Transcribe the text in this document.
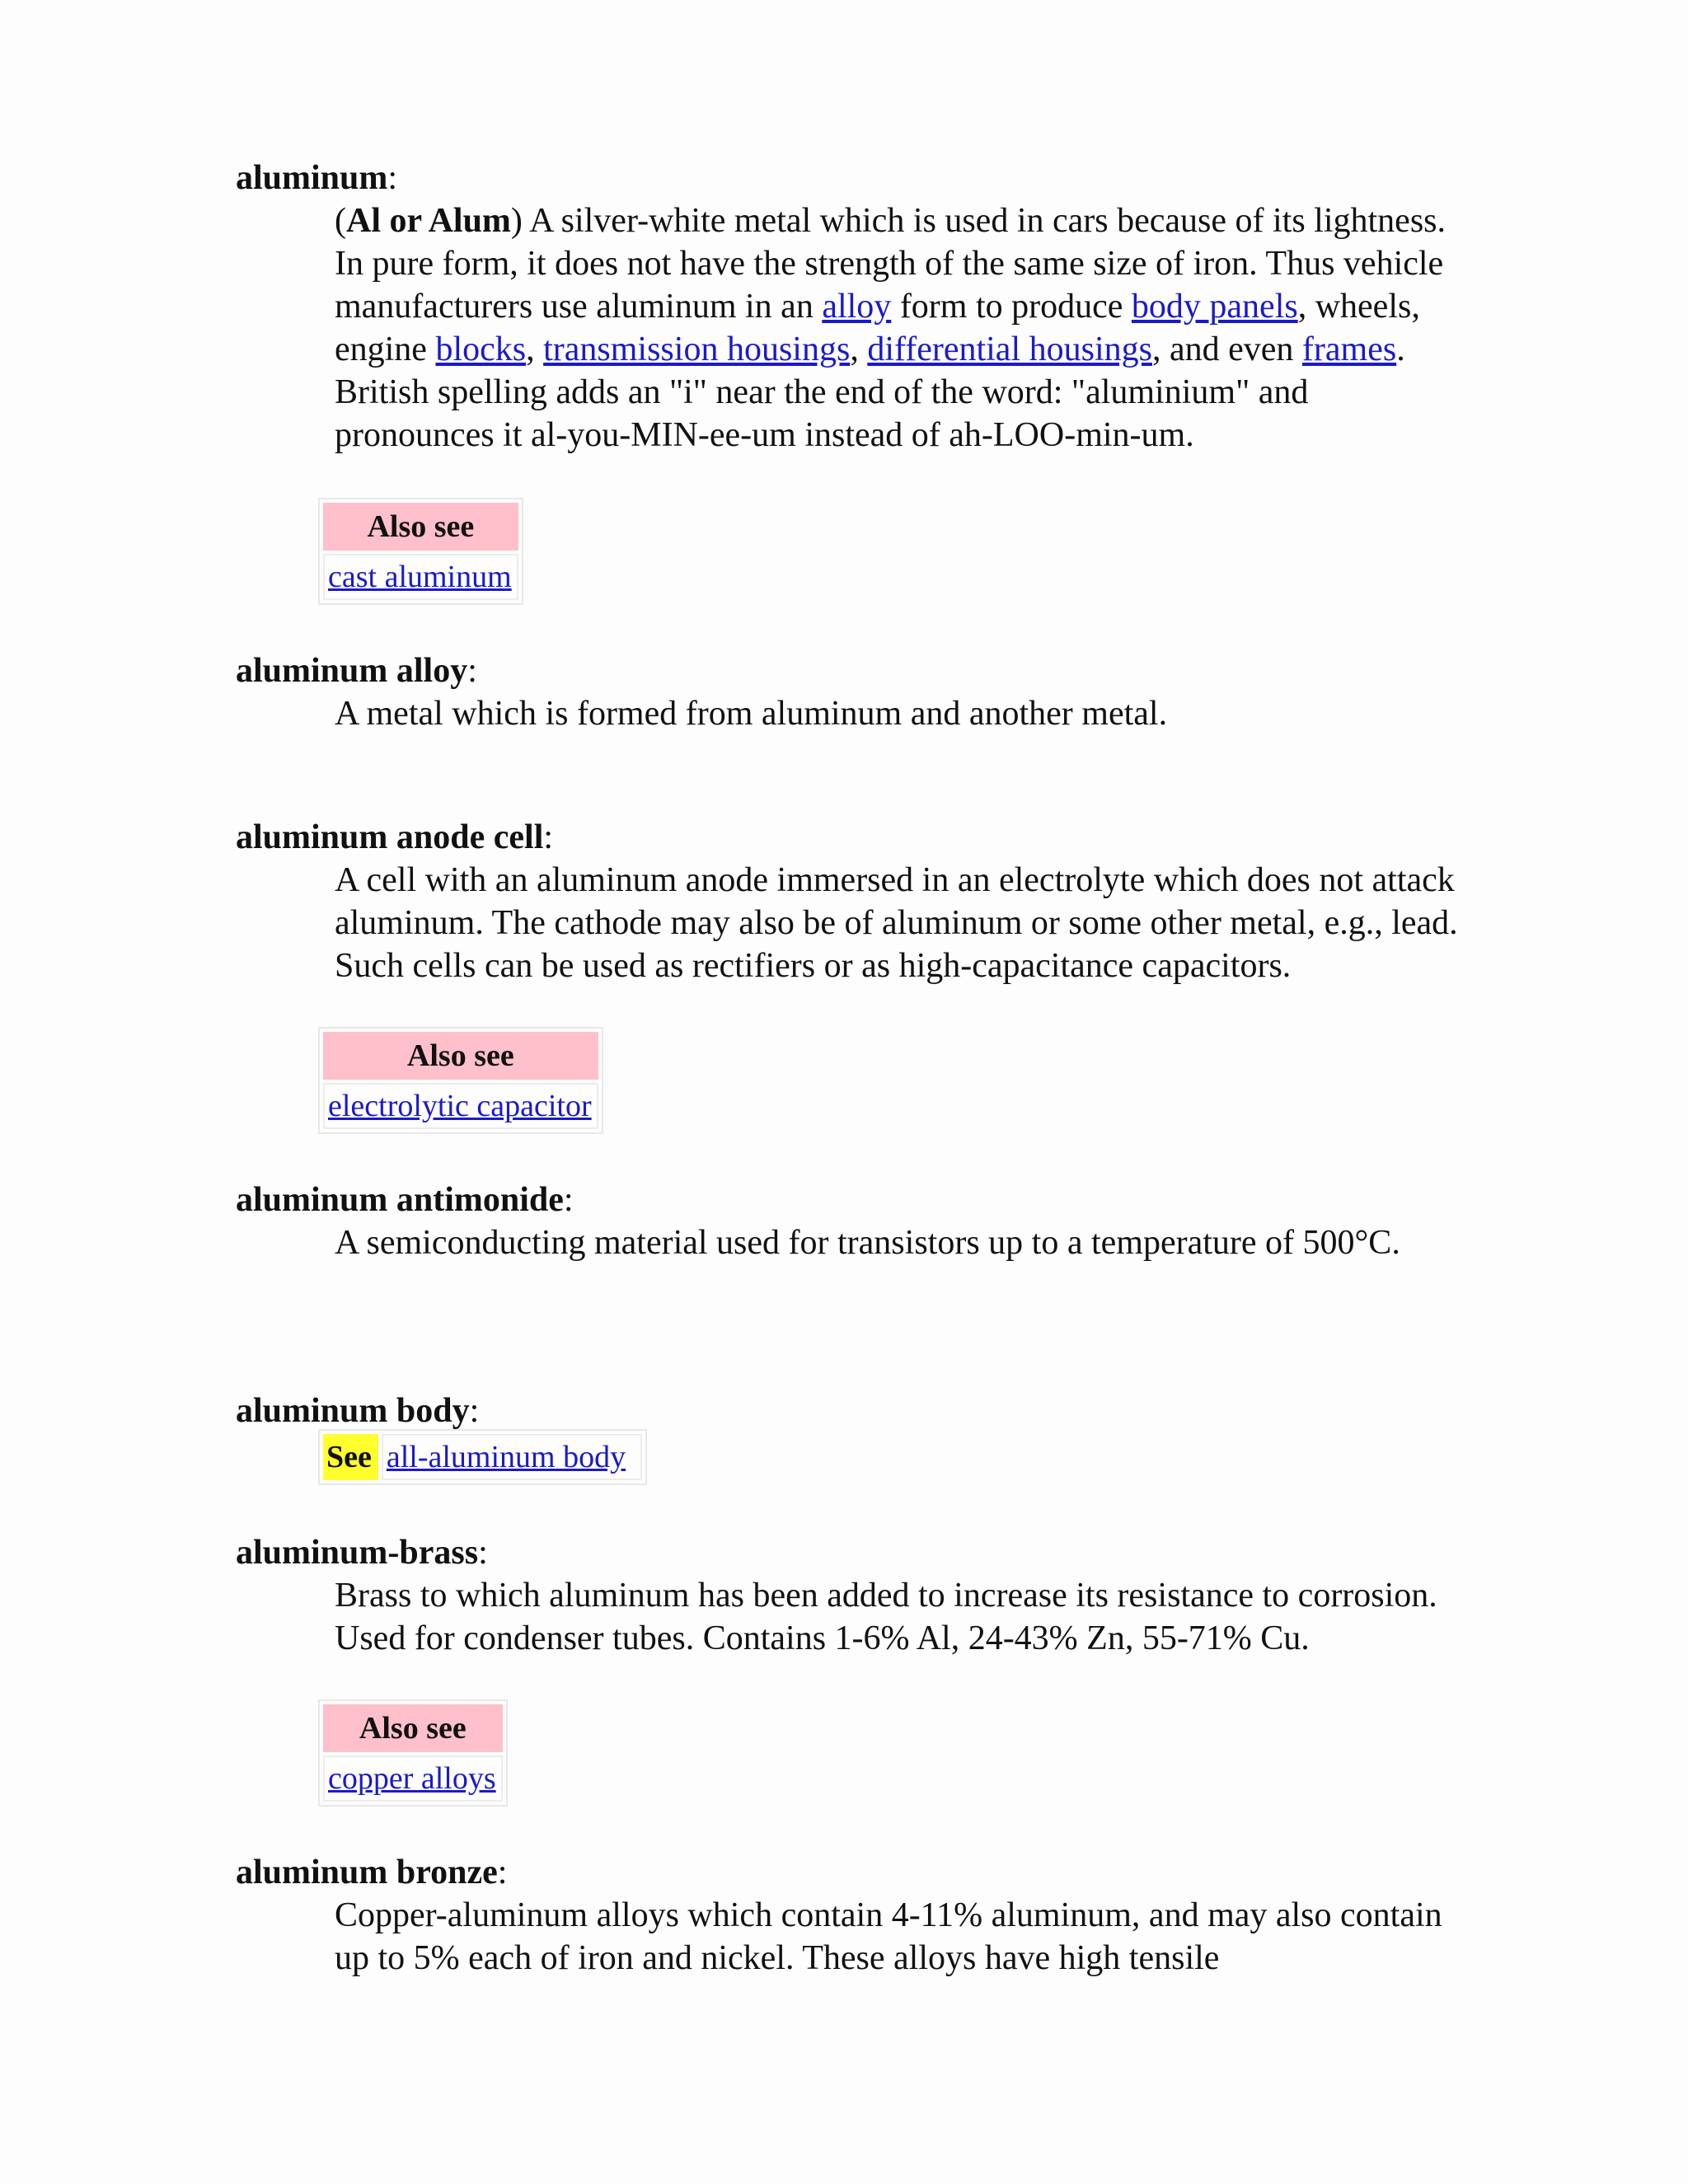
aluminum:

(Al or Alum) A silver-white metal which is used in cars because of its lightness. In pure form, it does not have the strength of the same size of iron. Thus vehicle manufacturers use aluminum in an alloy form to produce body panels, wheels, engine blocks, transmission housings, differential housings, and even frames. British spelling adds an "i" near the end of the word: "aluminium" and pronounces it al-you-MIN-ee-um instead of ah-LOO-min-um.

Also see
cast aluminum

aluminum alloy:

A metal which is formed from aluminum and another metal.

aluminum anode cell:

A cell with an aluminum anode immersed in an electrolyte which does not attack aluminum. The cathode may also be of aluminum or some other metal, e.g., lead. Such cells can be used as rectifiers or as high-capacitance capacitors.

Also see
electrolytic capacitor

aluminum antimonide:

A semiconducting material used for transistors up to a temperature of 500°C.

aluminum body:

See all-aluminum body

aluminum-brass:

Brass to which aluminum has been added to increase its resistance to corrosion. Used for condenser tubes. Contains 1-6% Al, 24-43% Zn, 55-71% Cu.

Also see
copper alloys

aluminum bronze:

Copper-aluminum alloys which contain 4-11% aluminum, and may also contain up to 5% each of iron and nickel. These alloys have high tensile
